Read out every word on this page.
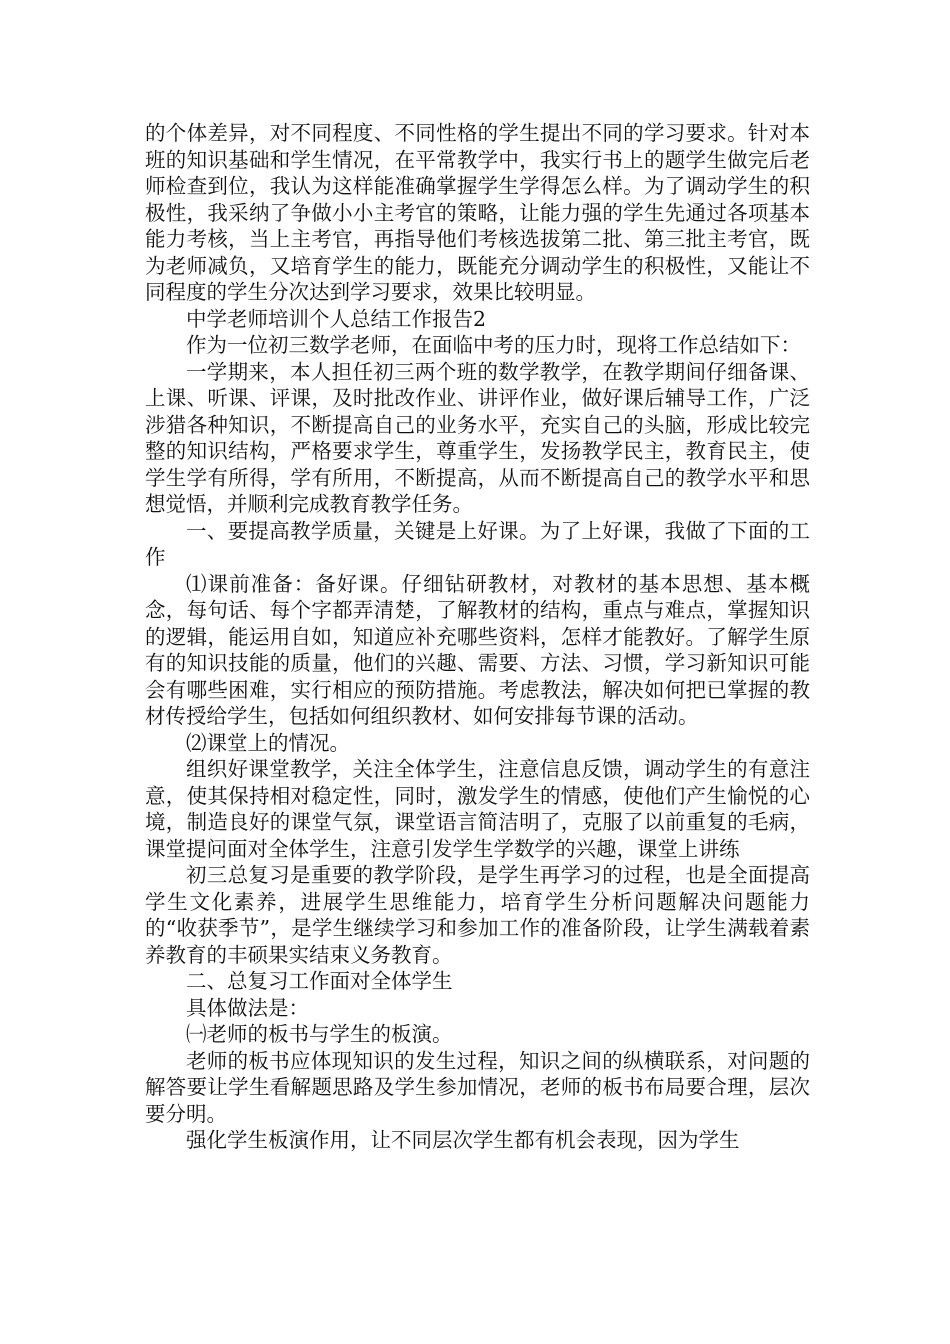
的个体差异，对不同程度、不同性格的学生提出不同的学习要求。针对本班的知识基础和学生情况，在平常教学中，我实行书上的题学生做完后老师检查到位，我认为这样能准确掌握学生学得怎么样。为了调动学生的积极性，我采纳了争做小小主考官的策略，让能力强的学生先通过各项基本能力考核，当上主考官，再指导他们考核选拔第二批、第三批主考官，既为老师减负，又培育学生的能力，既能充分调动学生的积极性，又能让不同程度的学生分次达到学习要求，效果比较明显。

中学老师培训个人总结工作报告2

作为一位初三数学老师，在面临中考的压力时，现将工作总结如下：

一学期来，本人担任初三两个班的数学教学，在教学期间仔细备课、上课、听课、评课，及时批改作业、讲评作业，做好课后辅导工作，广泛涉猎各种知识，不断提高自己的业务水平，充实自己的头脑，形成比较完整的知识结构，严格要求学生，尊重学生，发扬教学民主，教育民主，使学生学有所得，学有所用，不断提高，从而不断提高自己的教学水平和思想觉悟，并顺利完成教育教学任务。

一、要提高教学质量，关键是上好课。为了上好课，我做了下面的工作

⑴课前准备：备好课。仔细钻研教材，对教材的基本思想、基本概念，每句话、每个字都弄清楚，了解教材的结构，重点与难点，掌握知识的逻辑，能运用自如，知道应补充哪些资料，怎样才能教好。了解学生原有的知识技能的质量，他们的兴趣、需要、方法、习惯，学习新知识可能会有哪些困难，实行相应的预防措施。考虑教法，解决如何把已掌握的教材传授给学生，包括如何组织教材、如何安排每节课的活动。

⑵课堂上的情况。

组织好课堂教学，关注全体学生，注意信息反馈，调动学生的有意注意，使其保持相对稳定性，同时，激发学生的情感，使他们产生愉悦的心境，制造良好的课堂气氛，课堂语言简洁明了，克服了以前重复的毛病，课堂提问面对全体学生，注意引发学生学数学的兴趣，课堂上讲练

初三总复习是重要的教学阶段，是学生再学习的过程，也是全面提高学生文化素养，进展学生思维能力，培育学生分析问题解决问题能力的“收获季节”，是学生继续学习和参加工作的准备阶段，让学生满载着素养教育的丰硕果实结束义务教育。

二、总复习工作面对全体学生

具体做法是：

㈠老师的板书与学生的板演。

老师的板书应体现知识的发生过程，知识之间的纵横联系，对问题的解答要让学生看解题思路及学生参加情况，老师的板书布局要合理，层次要分明。

强化学生板演作用，让不同层次学生都有机会表现，因为学生
